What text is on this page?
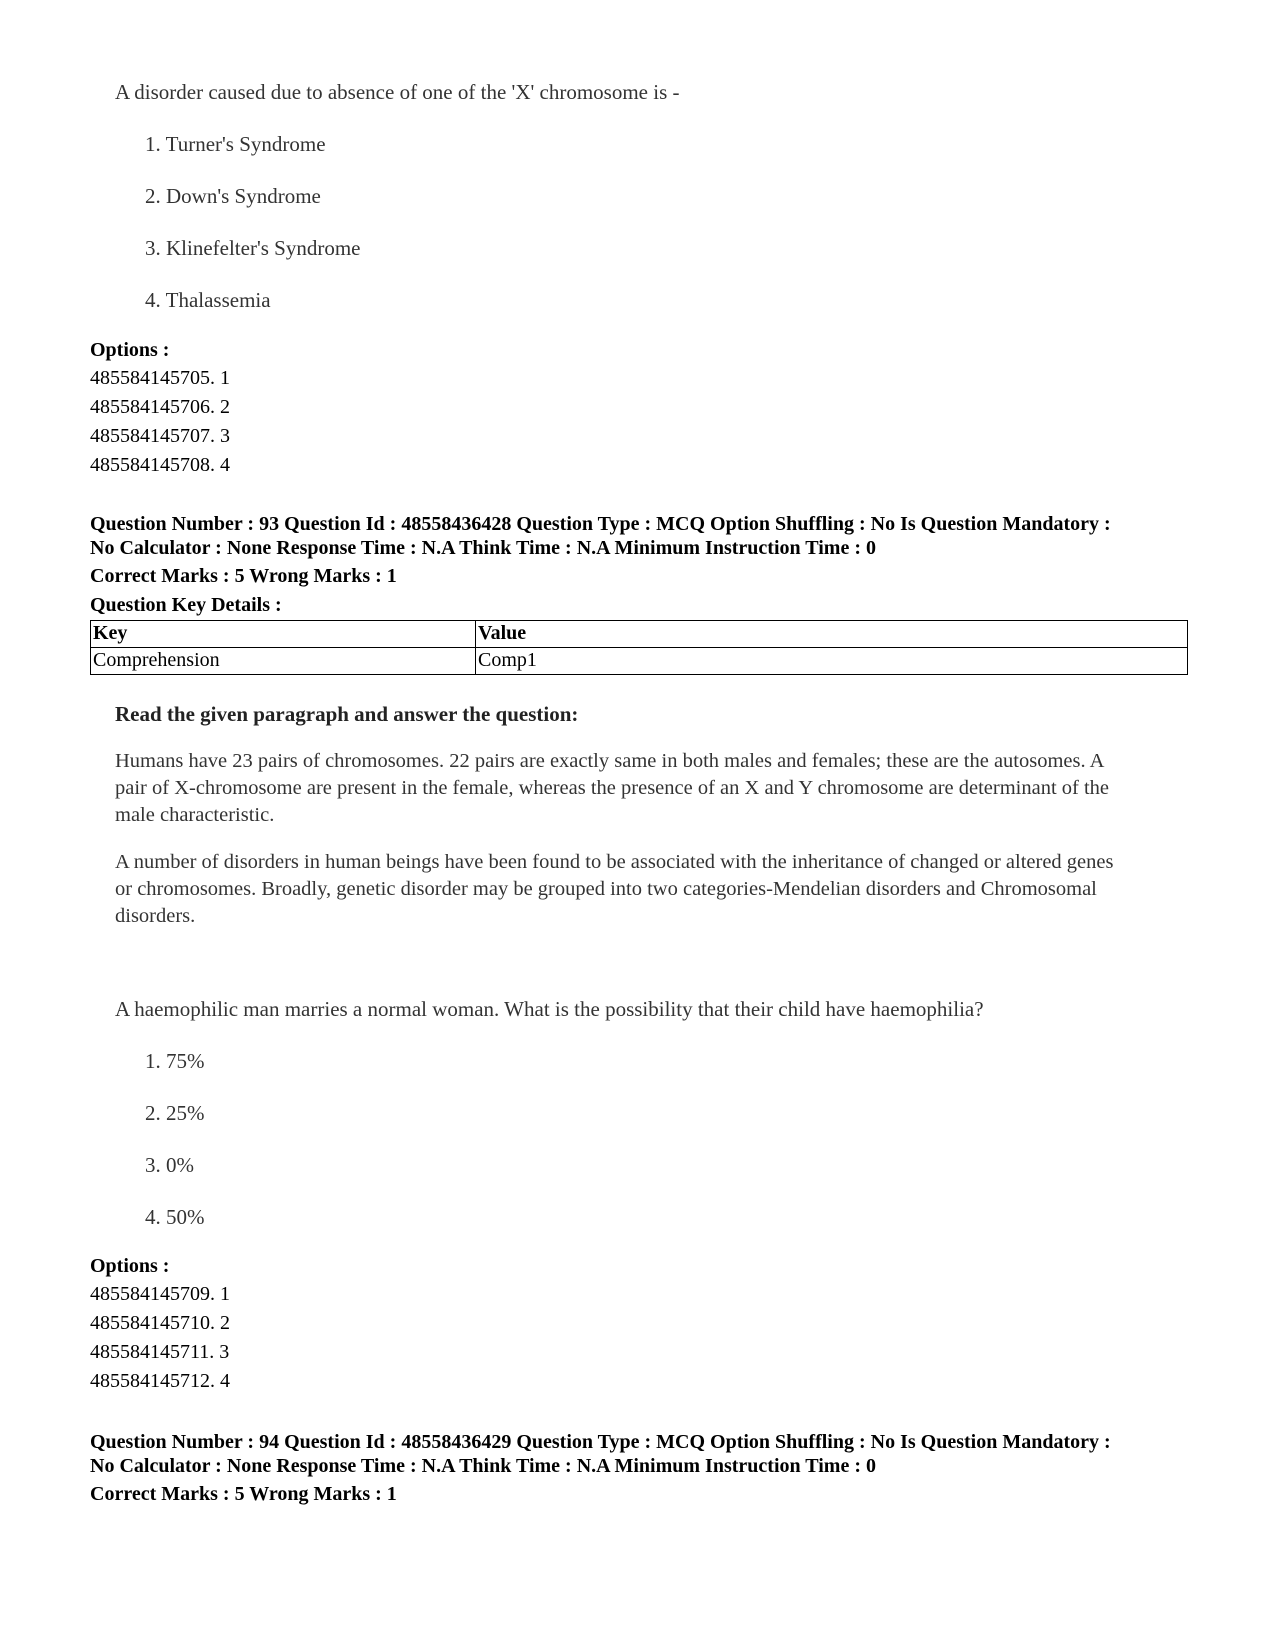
A disorder caused due to absence of one of the 'X' chromosome is -

1. Turner's Syndrome

2. Down's Syndrome

3. Klinefelter's Syndrome

4. Thalassemia

Options :
485584145705. 1
485584145706. 2
485584145707. 3
485584145708. 4
Question Number : 93 Question Id : 48558436428 Question Type : MCQ Option Shuffling : No Is Question Mandatory :
No Calculator : None Response Time : N.A Think Time : N.A Minimum Instruction Time : 0
Correct Marks : 5 Wrong Marks : 1
Question Key Details :
Key	Value
Comprehension	Comp1

Read the given paragraph and answer the question:

Humans have 23 pairs of chromosomes. 22 pairs are exactly same in both males and females; these are the autosomes. A pair of X-chromosome are present in the female, whereas the presence of an X and Y chromosome are determinant of the male characteristic.

A number of disorders in human beings have been found to be associated with the inheritance of changed or altered genes or chromosomes. Broadly, genetic disorder may be grouped into two categories-Mendelian disorders and Chromosomal disorders.

A haemophilic man marries a normal woman. What is the possibility that their child have haemophilia?

1. 75%

2. 25%

3. 0%

4. 50%

Options :
485584145709. 1
485584145710. 2
485584145711. 3
485584145712. 4
Question Number : 94 Question Id : 48558436429 Question Type : MCQ Option Shuffling : No Is Question Mandatory :
No Calculator : None Response Time : N.A Think Time : N.A Minimum Instruction Time : 0
Correct Marks : 5 Wrong Marks : 1
